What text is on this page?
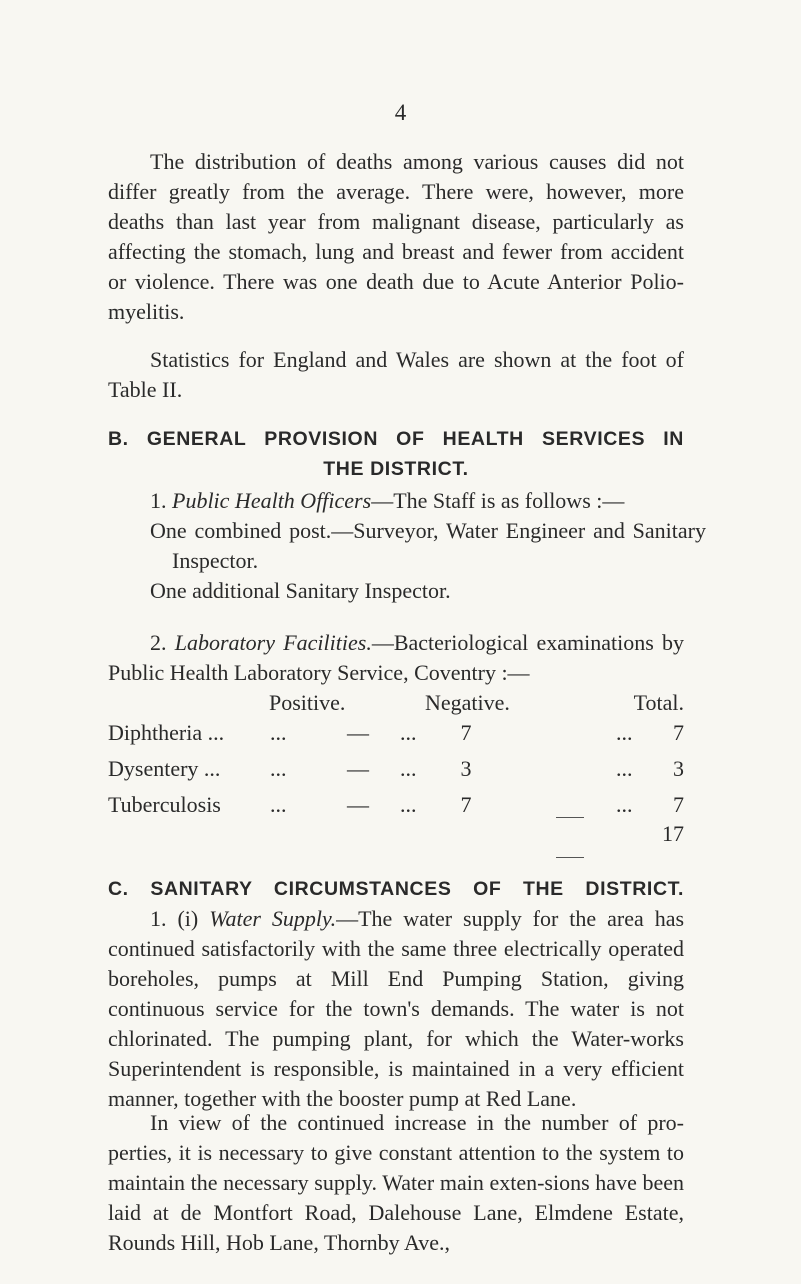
4

The distribution of deaths among various causes did not differ greatly from the average. There were, however, more deaths than last year from malignant disease, particularly as affecting the stomach, lung and breast and fewer from accident or violence. There was one death due to Acute Anterior Polio-myelitis.

Statistics for England and Wales are shown at the foot of Table II.

B. GENERAL PROVISION OF HEALTH SERVICES IN
THE DISTRICT.

1. Public Health Officers—The Staff is as follows :—

One combined post.—Surveyor, Water Engineer and Sanitary Inspector.

One additional Sanitary Inspector.

2. Laboratory Facilities.—Bacteriological examinations by Public Health Laboratory Service, Coventry :—

Positive.	Negative.	Total.
Diphtheria ... ...	—	...	7	...	7
Dysentery ... ...	—	...	3	...	3
Tuberculosis ...	—	...	7	...	7
17
C. SANITARY CIRCUMSTANCES OF THE DISTRICT.

1. (i) Water Supply.—The water supply for the area has continued satisfactorily with the same three electrically operated boreholes, pumps at Mill End Pumping Station, giving continuous service for the town's demands. The water is not chlorinated. The pumping plant, for which the Water-works Superintendent is responsible, is maintained in a very efficient manner, together with the booster pump at Red Lane.

In view of the continued increase in the number of pro-perties, it is necessary to give constant attention to the system to maintain the necessary supply. Water main exten-sions have been laid at de Montfort Road, Dalehouse Lane, Elmdene Estate, Rounds Hill, Hob Lane, Thornby Ave.,
